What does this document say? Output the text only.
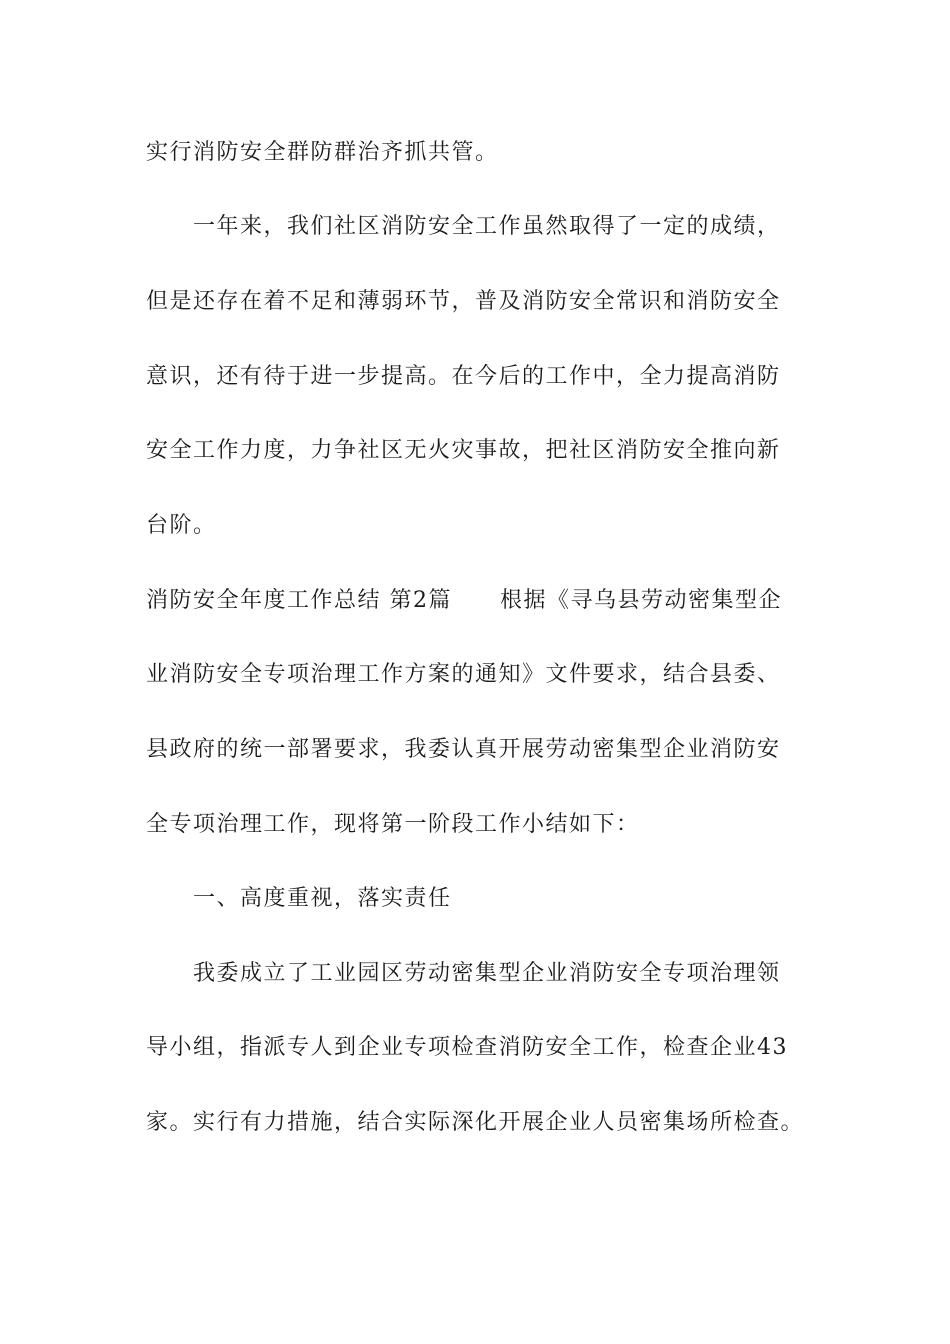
实行消防安全群防群治齐抓共管。
一年来，我们社区消防安全工作虽然取得了一定的成绩，
但是还存在着不足和薄弱环节，普及消防安全常识和消防安全
意识，还有待于进一步提高。在今后的工作中，全力提高消防
安全工作力度，力争社区无火灾事故，把社区消防安全推向新
台阶。
消防安全年度工作总结 第2篇 根据《寻乌县劳动密集型企
业消防安全专项治理工作方案的通知》文件要求，结合县委、
县政府的统一部署要求，我委认真开展劳动密集型企业消防安
全专项治理工作，现将第一阶段工作小结如下：
一、高度重视，落实责任
我委成立了工业园区劳动密集型企业消防安全专项治理领
导小组，指派专人到企业专项检查消防安全工作，检查企业43
家。实行有力措施，结合实际深化开展企业人员密集场所检查。
